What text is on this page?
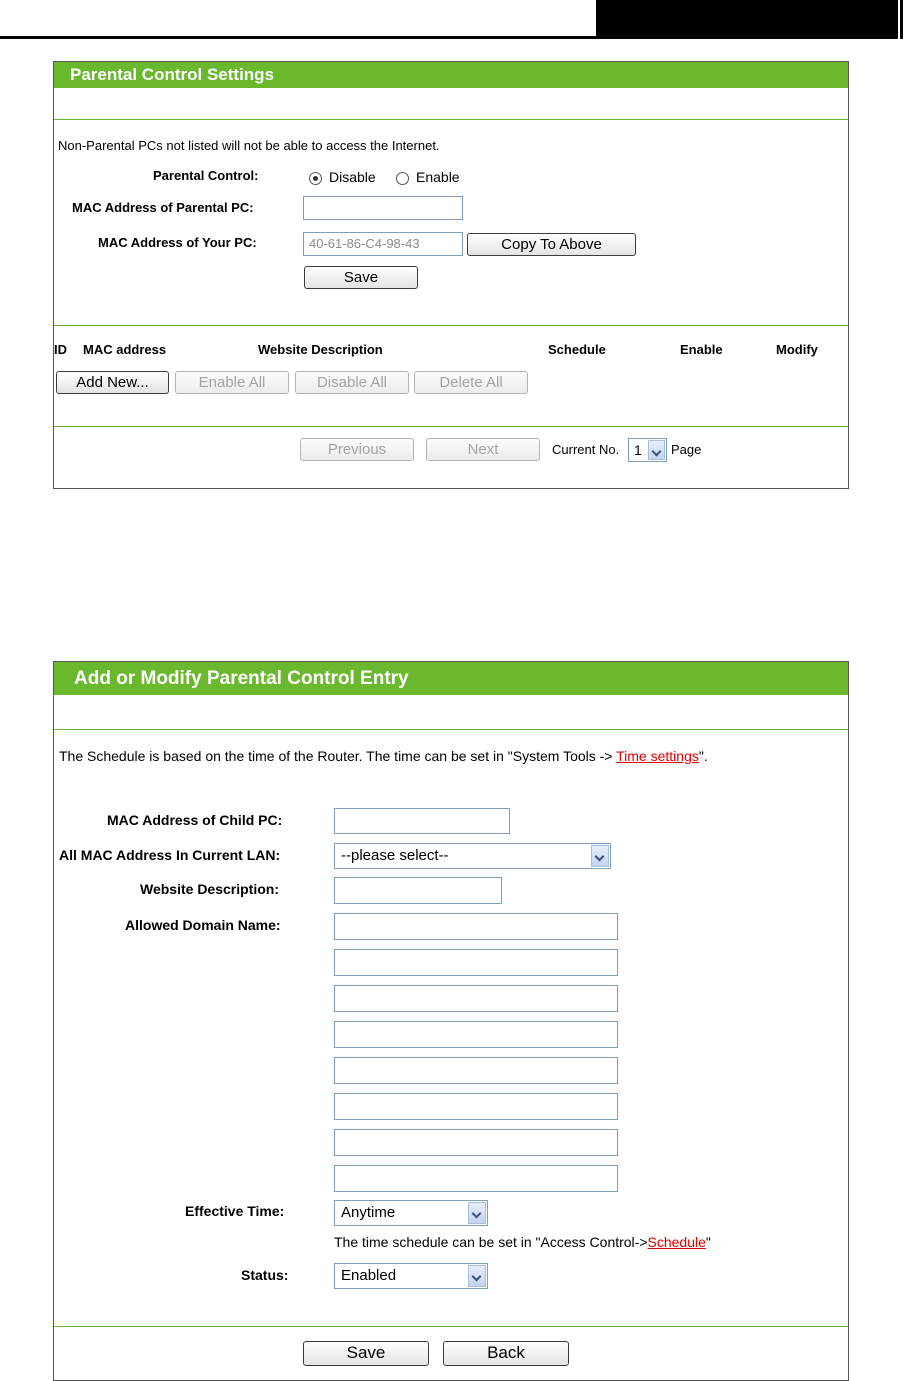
Parental Control Settings
Non-Parental PCs not listed will not be able to access the Internet.
Parental Control:	Disable	Enable
MAC Address of Parental PC:
MAC Address of Your PC:	40-61-86-C4-98-43	Copy To Above
Save
ID MAC address	Website Description	Schedule	Enable	Modify
Add New...	Enable All	Disable All	Delete All
Previous	Next	Current No.	1	Page
Add or Modify Parental Control Entry
The Schedule is based on the time of the Router. The time can be set in "System Tools -> Time settings".
MAC Address of Child PC:
All MAC Address In Current LAN:	--please select--
Website Description:
Allowed Domain Name:
Effective Time:	Anytime
The time schedule can be set in "Access Control->Schedule"
Status:	Enabled
Save	Back
